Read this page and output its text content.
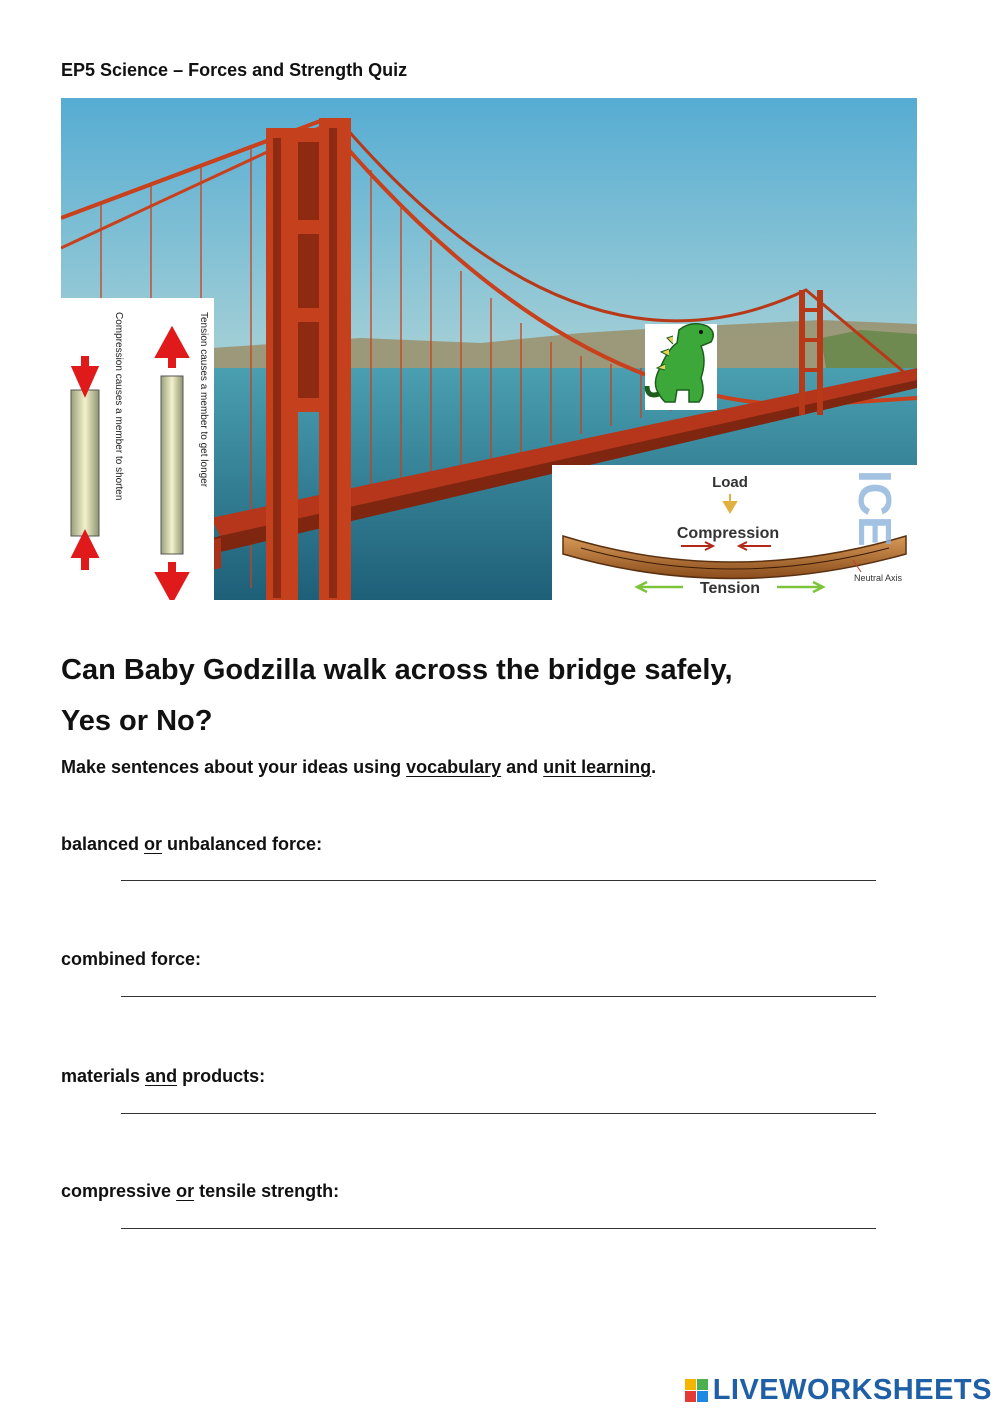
EP5 Science – Forces and Strength Quiz
Compression causes a member to shorten	Tension causes a member to get longer	Load
Compression
Tension
Neutral Axis
ICE
Can Baby Godzilla walk across the bridge safely,
Yes or No?
Make sentences about your ideas using vocabulary and unit learning.
balanced or unbalanced force:
combined force:
materials and products:
compressive or tensile strength:
LIVEWORKSHEETS
